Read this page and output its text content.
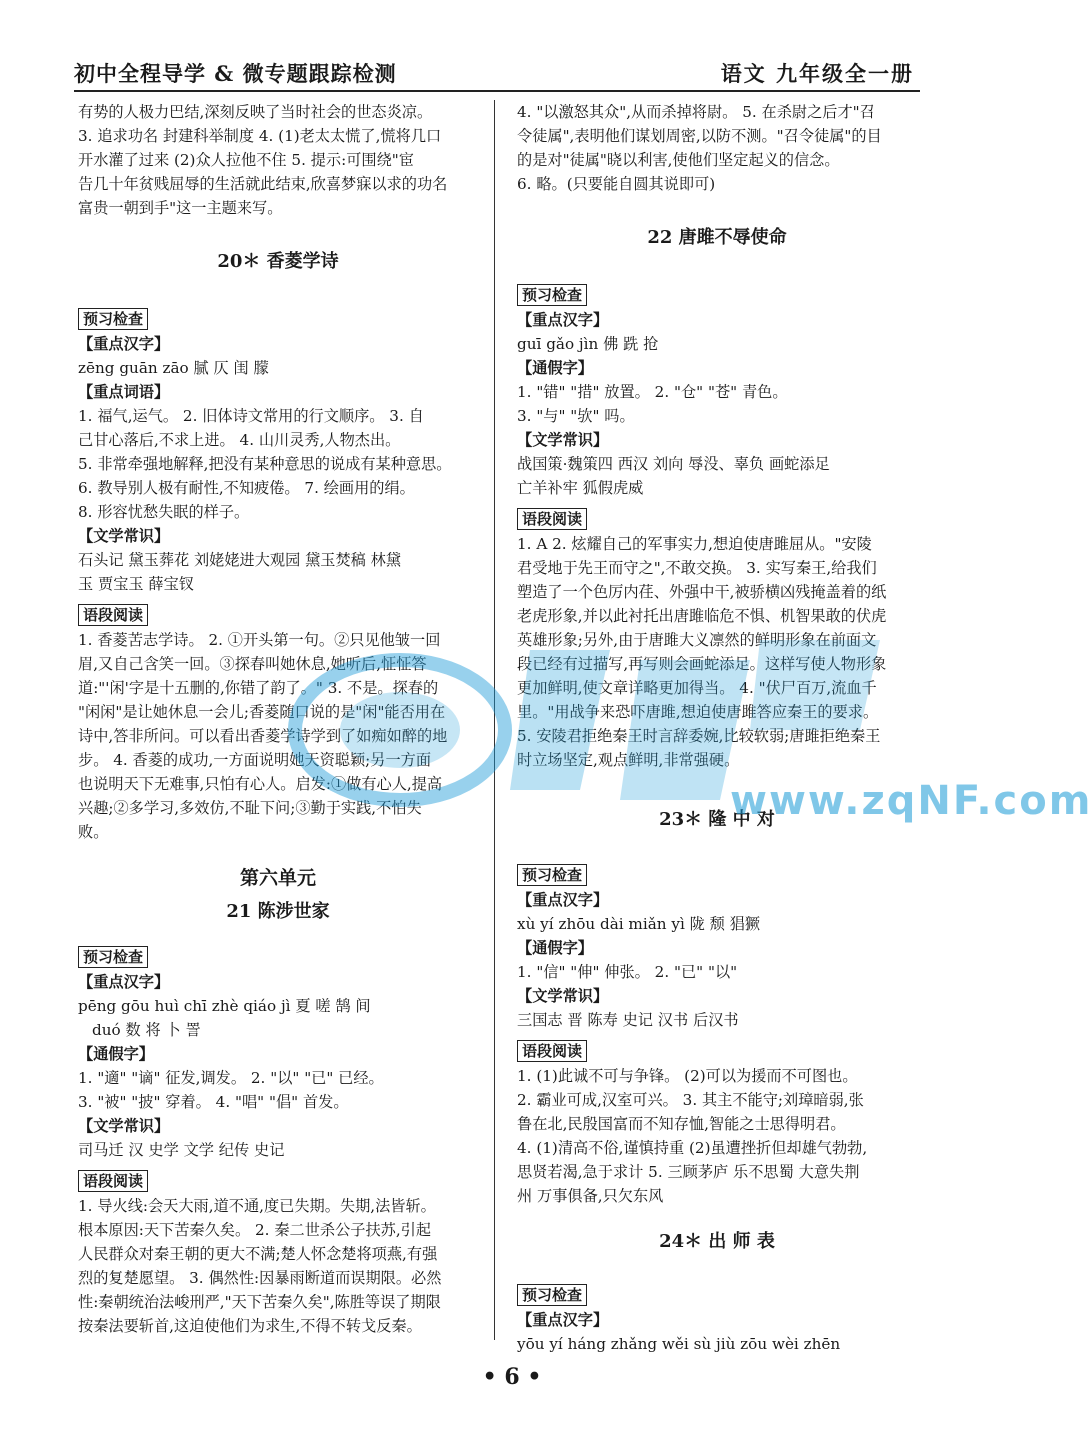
初中全程导学 & 微专题跟踪检测	语文 九年级全一册

有势的人极力巴结,深刻反映了当时社会的世态炎凉。

3. 追求功名 封建科举制度 4. (1)老太太慌了,慌将几口

开水灌了过来 (2)众人拉他不住 5. 提示:可围绕"宦

告几十年贫贱屈辱的生活就此结束,欣喜梦寐以求的功名

富贵一朝到手"这一主题来写。

20＊ 香菱学诗
预习检查

【重点汉字】

zēng guān zāo 腻 仄 闺 朦

【重点词语】

1. 福气,运气。 2. 旧体诗文常用的行文顺序。 3. 自

己甘心落后,不求上进。 4. 山川灵秀,人物杰出。

5. 非常牵强地解释,把没有某种意思的说成有某种意思。

6. 教导别人极有耐性,不知疲倦。 7. 绘画用的绢。

8. 形容忧愁失眠的样子。

【文学常识】

石头记 黛玉葬花 刘姥姥进大观园 黛玉焚稿 林黛

玉 贾宝玉 薛宝钗

语段阅读

1. 香菱苦志学诗。 2. ①开头第一句。②只见他皱一回

眉,又自己含笑一回。③探春叫她休息,她听后,怔怔答

道:"'闲'字是十五删的,你错了韵了。" 3. 不是。探春的

"闲闲"是让她休息一会儿;香菱随口说的是"闲"能否用在

诗中,答非所问。可以看出香菱学诗学到了如痴如醉的地

步。 4. 香菱的成功,一方面说明她天资聪颖;另一方面

也说明天下无难事,只怕有心人。启发:①做有心人,提高

兴趣;②多学习,多效仿,不耻下问;③勤于实践,不怕失

败。

第六单元
21 陈涉世家
预习检查

【重点汉字】

pēng gōu huì chī zhè qiáo jì 夏 嗟 鹄 间

duó 数 将 卜 詈

【通假字】

1. "適" "谪" 征发,调发。 2. "以" "已" 已经。

3. "被" "披" 穿着。 4. "唱" "倡" 首发。

【文学常识】

司马迁 汉 史学 文学 纪传 史记

语段阅读

1. 导火线:会天大雨,道不通,度已失期。失期,法皆斩。

根本原因:天下苦秦久矣。 2. 秦二世杀公子扶苏,引起

人民群众对秦王朝的更大不满;楚人怀念楚将项燕,有强

烈的复楚愿望。 3. 偶然性:因暴雨断道而误期限。必然

性:秦朝统治法峻刑严,"天下苦秦久矣",陈胜等误了期限

按秦法要斩首,这迫使他们为求生,不得不转戈反秦。

4. "以激怒其众",从而杀掉将尉。 5. 在杀尉之后才"召

令徒属",表明他们谋划周密,以防不测。"召令徒属"的目

的是对"徒属"晓以利害,使他们坚定起义的信念。

6. 略。(只要能自圆其说即可)

22 唐雎不辱使命
预习检查

【重点汉字】

guī gǎo jìn 佛 跣 抢

【通假字】

1. "错" "措" 放置。 2. "仓" "苍" 青色。

3. "与" "欤" 吗。

【文学常识】

战国策·魏策四 西汉 刘向 辱没、辜负 画蛇添足

亡羊补牢 狐假虎威

语段阅读

1. A 2. 炫耀自己的军事实力,想迫使唐雎屈从。"安陵

君受地于先王而守之",不敢交换。 3. 实写秦王,给我们

塑造了一个色厉内荏、外强中干,被骄横凶残掩盖着的纸

老虎形象,并以此衬托出唐雎临危不惧、机智果敢的伏虎

英雄形象;另外,由于唐雎大义凛然的鲜明形象在前面文

段已经有过描写,再写则会画蛇添足。这样写使人物形象

更加鲜明,使文章详略更加得当。 4. "伏尸百万,流血千

里。"用战争来恐吓唐雎,想迫使唐雎答应秦王的要求。

5. 安陵君拒绝秦王时言辞委婉,比较软弱;唐雎拒绝秦王

时立场坚定,观点鲜明,非常强硬。

23＊ 隆 中 对
预习检查

【重点汉字】

xù yí zhōu dài miǎn yì 陇 颓 猖獗

【通假字】

1. "信" "伸" 伸张。 2. "已" "以"

【文学常识】

三国志 晋 陈寿 史记 汉书 后汉书

语段阅读

1. (1)此诚不可与争锋。 (2)可以为援而不可图也。

2. 霸业可成,汉室可兴。 3. 其主不能守;刘璋暗弱,张

鲁在北,民殷国富而不知存恤,智能之士思得明君。

4. (1)清高不俗,谨慎持重 (2)虽遭挫折但却雄气勃勃,

思贤若渴,急于求计 5. 三顾茅庐 乐不思蜀 大意失荆

州 万事俱备,只欠东风

24＊ 出 师 表
预习检查

【重点汉字】

yōu yí háng zhǎng wěi sù jiù zōu wèi zhēn

www.zqNF.com
• 6 •
